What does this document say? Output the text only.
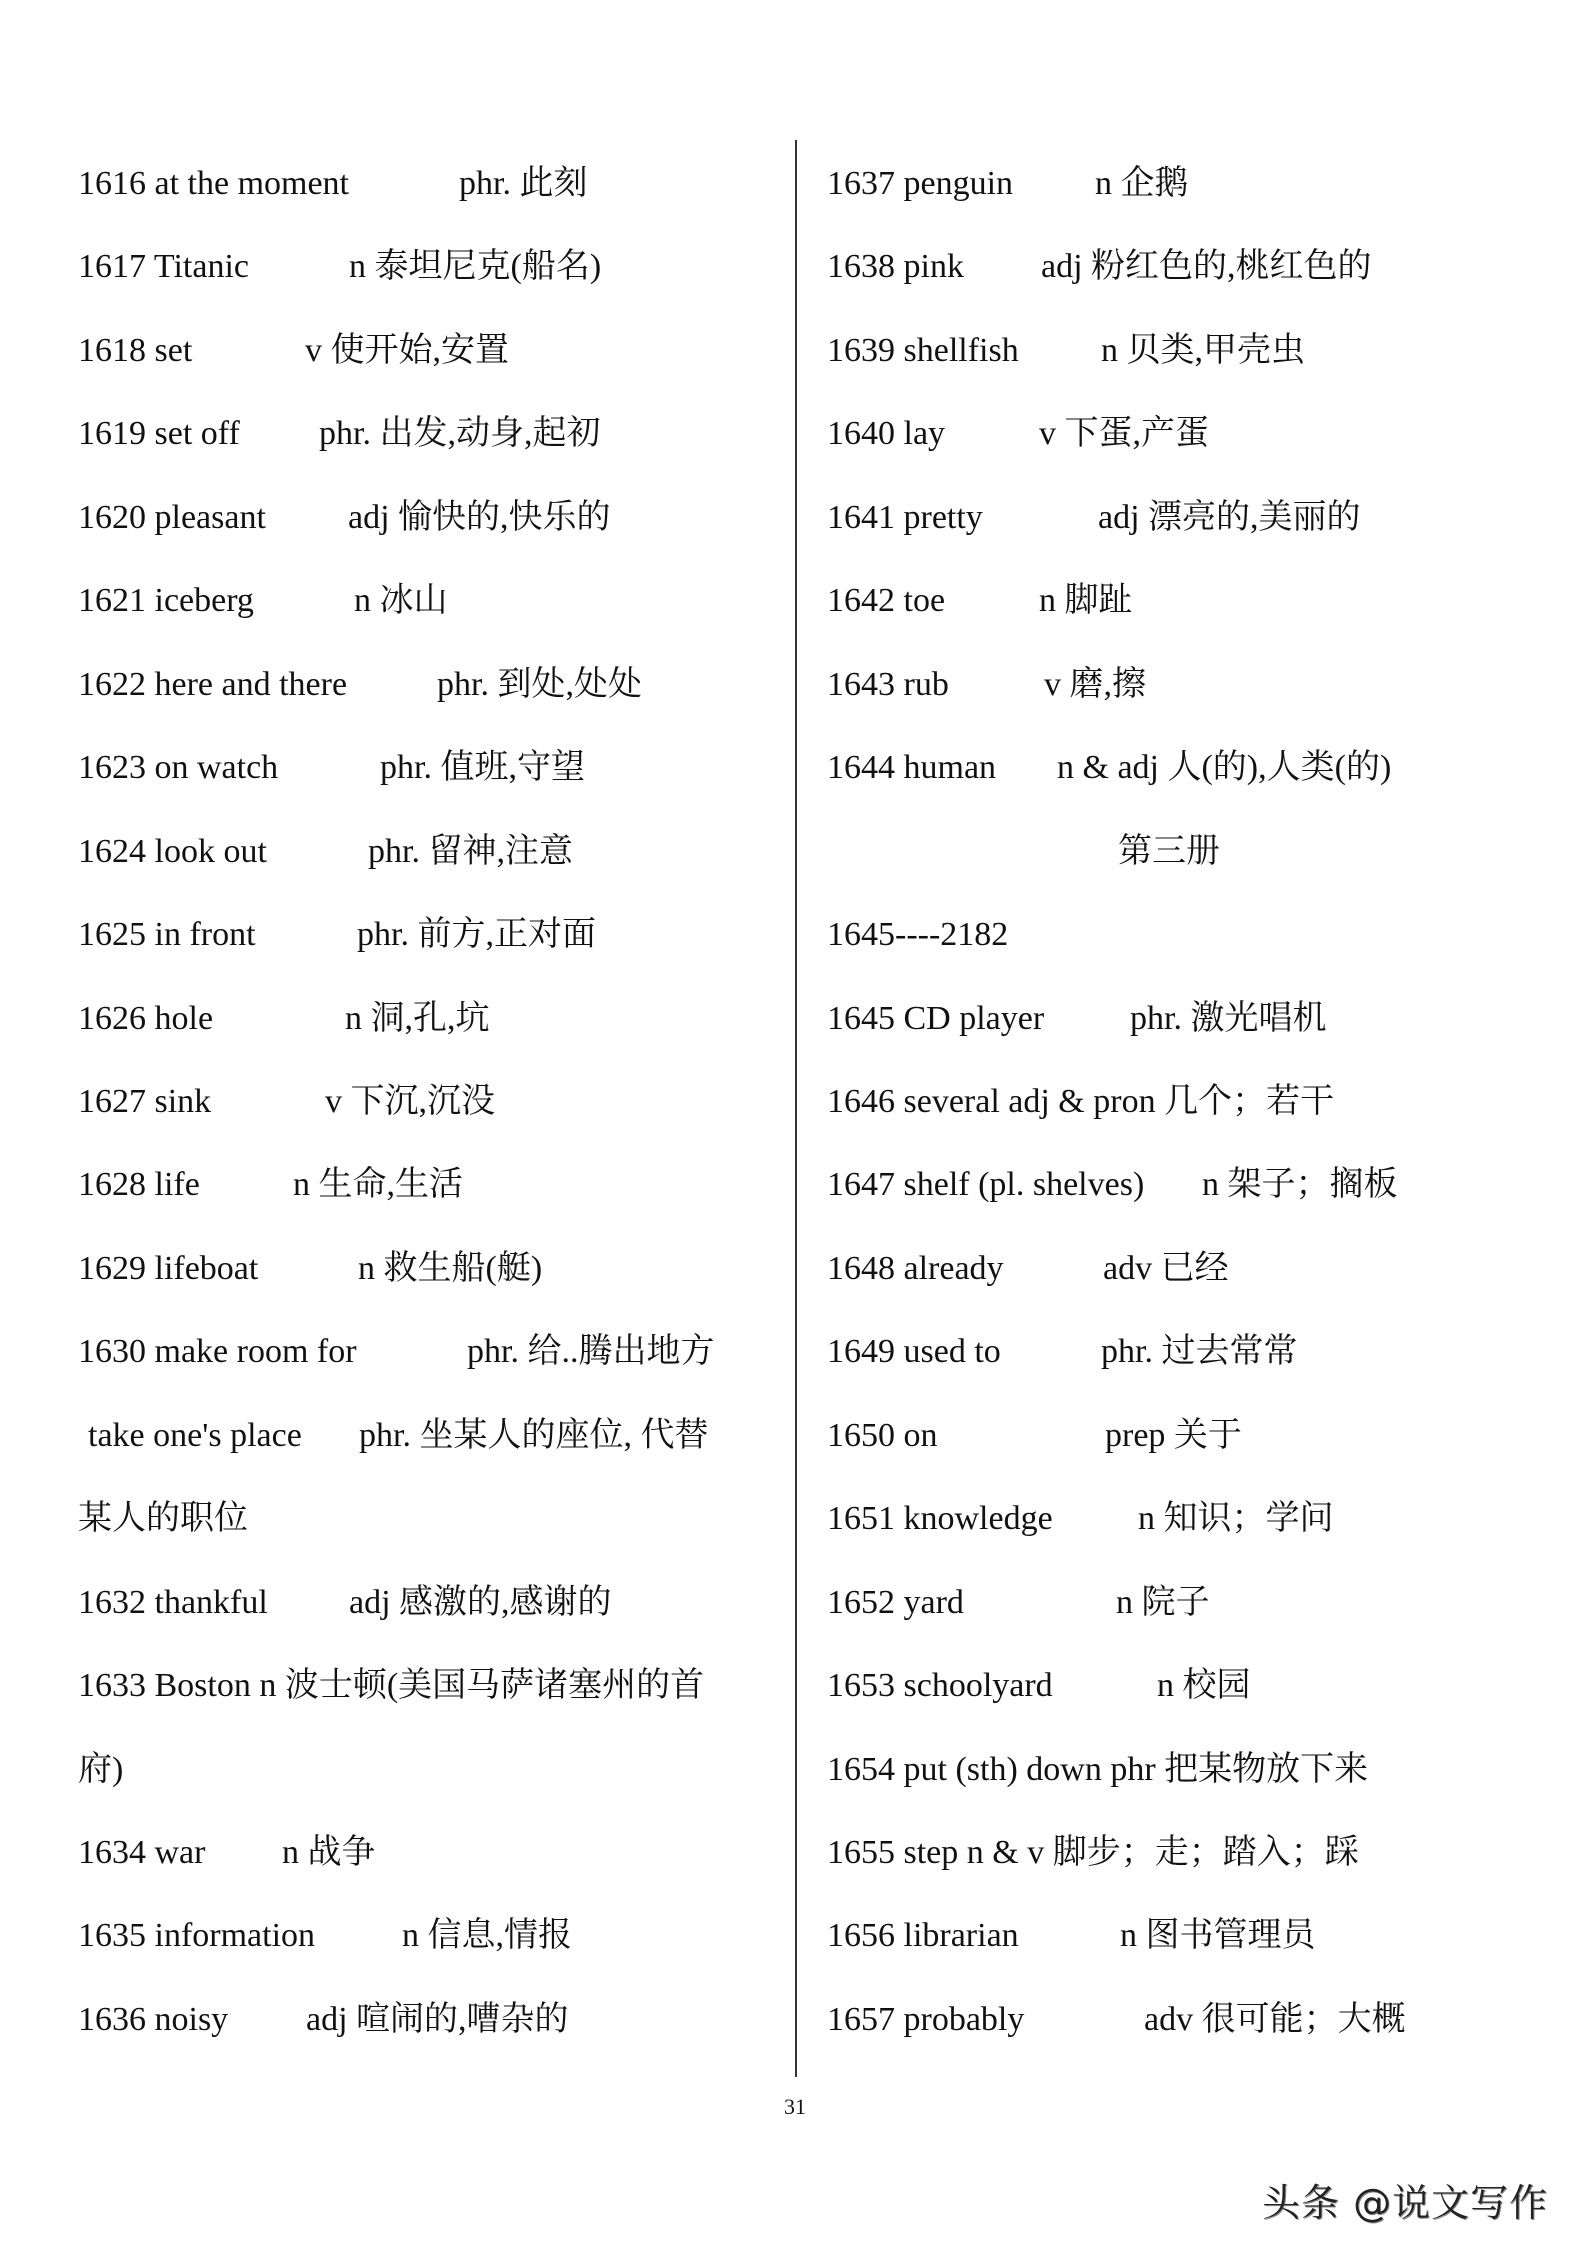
1616 at the moment	phr. 此刻
1617 Titanic	n 泰坦尼克(船名)
1618 set	v 使开始,安置
1619 set off phr. 出发,动身,起初
1620 pleasant adj 愉快的,快乐的
1621 iceberg	n 冰山
1622 here and there	phr. 到处,处处
1623 on watch	phr. 值班,守望
1624 look out	phr. 留神,注意
1625 in front	phr. 前方,正对面
1626 hole	n 洞,孔,坑
1627 sink	v 下沉,沉没
1628 life	n 生命,生活
1629 lifeboat	n 救生船(艇)
1630 make room for	phr. 给..腾出地方
take one's place phr. 坐某人的座位, 代替
某人的职位
1632 thankful adj 感激的,感谢的
1633 Boston n 波士顿(美国马萨诸塞州的首
府)
1634 war n 战争
1635 information	n 信息,情报
1636 noisy adj 喧闹的,嘈杂的
1637 penguin n 企鹅
1638 pink adj 粉红色的,桃红色的
1639 shellfish n 贝类,甲壳虫
1640 lay	v 下蛋,产蛋
1641 pretty	adj 漂亮的,美丽的
1642 toe	n 脚趾
1643 rub	v 磨,擦
1644 human n & adj 人(的),人类(的)
第三册
1645----2182
1645 CD player	phr. 激光唱机
1646 several adj & pron 几个；若干
1647 shelf (pl. shelves) n 架子；搁板
1648 already	adv 已经
1649 used to	phr. 过去常常
1650 on	prep 关于
1651 knowledge	n 知识；学问
1652 yard	n 院子
1653 schoolyard	n 校园
1654 put (sth) down phr 把某物放下来
1655 step n & v 脚步；走；踏入；踩
1656 librarian	n 图书管理员
1657 probably	adv 很可能；大概
31
头条 @说文写作
